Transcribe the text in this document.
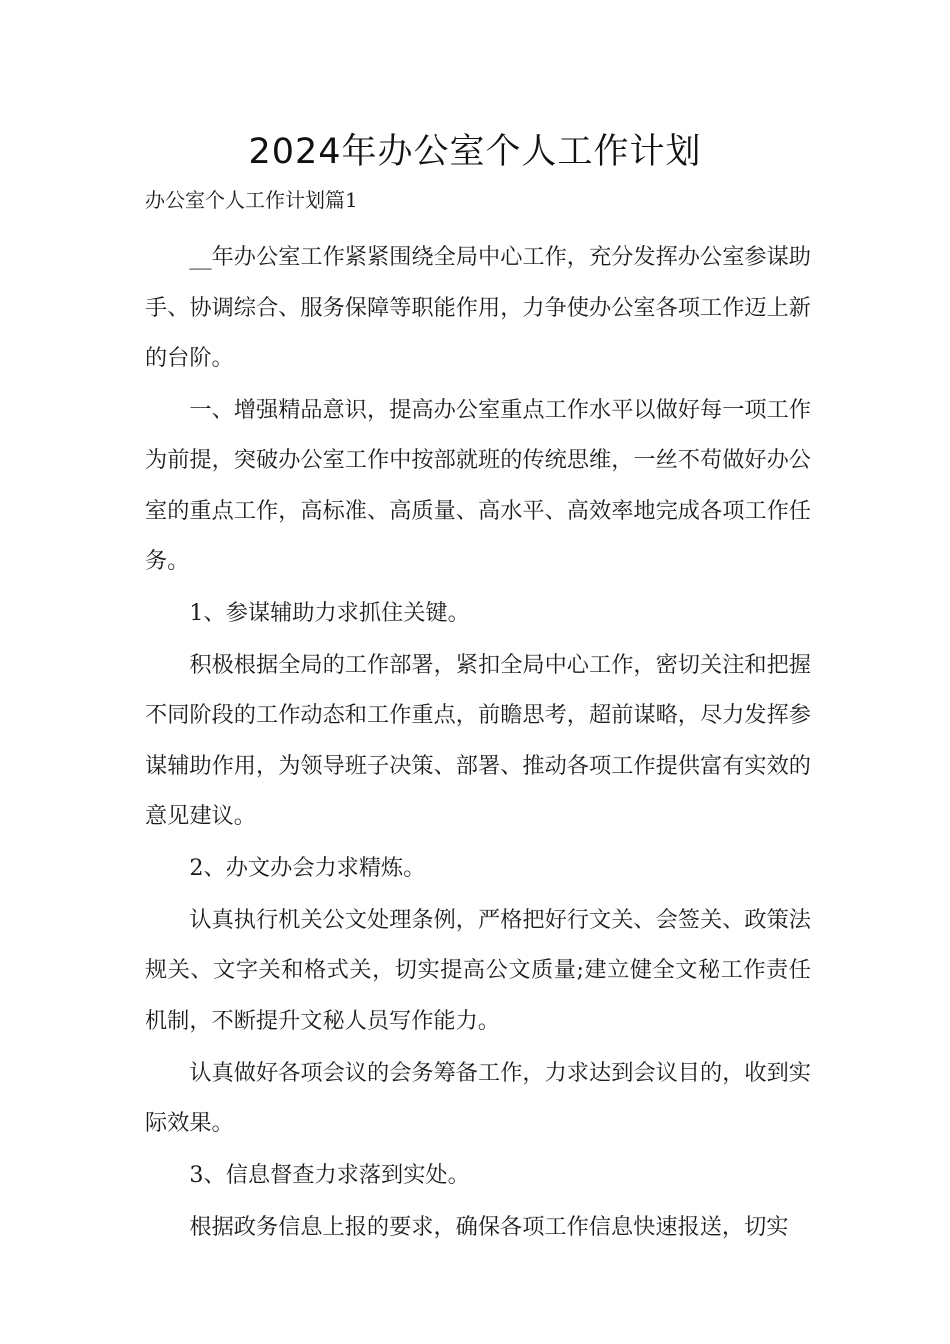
2024年办公室个人工作计划
办公室个人工作计划篇1

__年办公室工作紧紧围绕全局中心工作，充分发挥办公室参谋助手、协调综合、服务保障等职能作用，力争使办公室各项工作迈上新的台阶。

一、增强精品意识，提高办公室重点工作水平以做好每一项工作为前提，突破办公室工作中按部就班的传统思维，一丝不苟做好办公室的重点工作，高标准、高质量、高水平、高效率地完成各项工作任务。

1、参谋辅助力求抓住关键。

积极根据全局的工作部署，紧扣全局中心工作，密切关注和把握不同阶段的工作动态和工作重点，前瞻思考，超前谋略，尽力发挥参谋辅助作用，为领导班子决策、部署、推动各项工作提供富有实效的意见建议。

2、办文办会力求精炼。

认真执行机关公文处理条例，严格把好行文关、会签关、政策法规关、文字关和格式关，切实提高公文质量;建立健全文秘工作责任机制，不断提升文秘人员写作能力。

认真做好各项会议的会务筹备工作，力求达到会议目的，收到实际效果。

3、信息督查力求落到实处。

根据政务信息上报的要求，确保各项工作信息快速报送，切实
